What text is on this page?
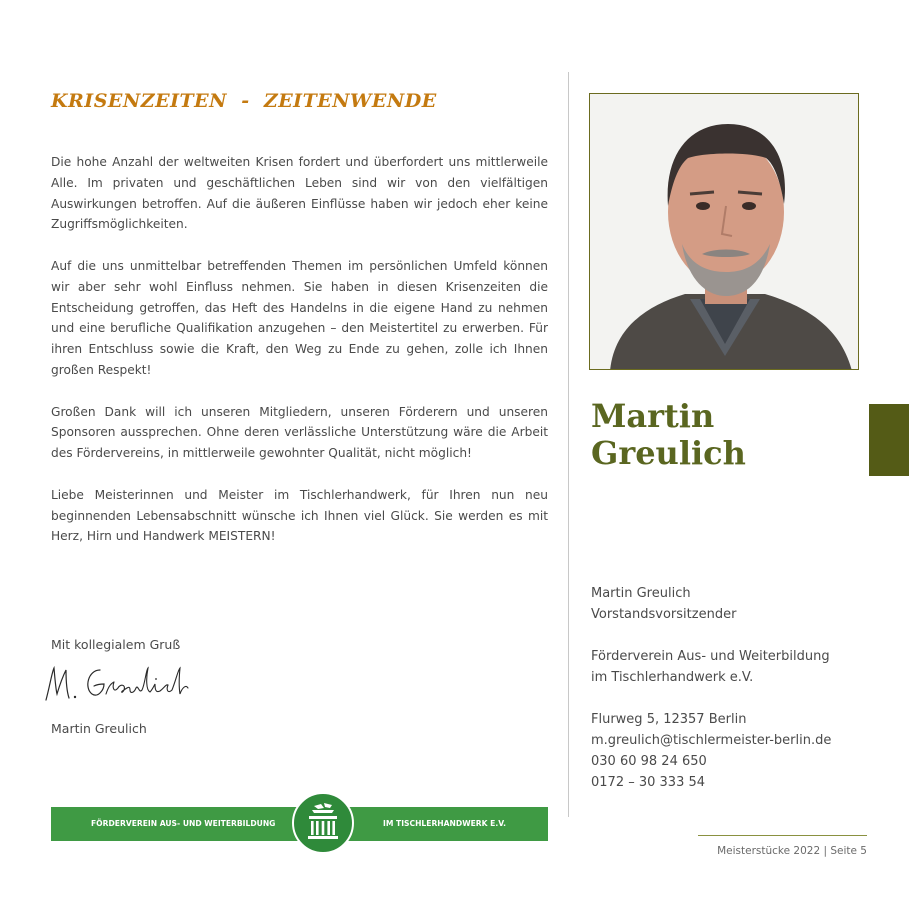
KRISENZEITEN  -  ZEITENWENDE

Die hohe Anzahl der weltweiten Krisen fordert und überfordert uns mittlerweile Alle. Im privaten und geschäftlichen Leben sind wir von den vielfältigen Auswirkungen betroffen. Auf die äußeren Einflüsse haben wir jedoch eher keine Zugriffsmöglichkeiten.

Auf die uns unmittelbar betreffenden Themen im persönlichen Umfeld können wir aber sehr wohl Einfluss nehmen. Sie haben in diesen Krisenzeiten die Entscheidung getroffen, das Heft des Handelns in die eigene Hand zu nehmen und eine berufliche Qualifikation anzugehen – den Meistertitel zu erwerben. Für ihren Entschluss sowie die Kraft, den Weg zu Ende zu gehen, zolle ich Ihnen großen Respekt!

Großen Dank will ich unseren Mitgliedern, unseren Förderern und unseren Sponsoren aussprechen. Ohne deren verlässliche Unterstützung wäre die Arbeit des Fördervereins, in mittlerweile gewohnter Qualität, nicht möglich!

Liebe Meisterinnen und Meister im Tischlerhandwerk, für Ihren nun neu beginnenden Lebensabschnitt wünsche ich Ihnen viel Glück. Sie werden es mit Herz, Hirn und Handwerk MEISTERN!

Mit kollegialem Gruß
Martin Greulich
FÖRDERVEREIN AUS- UND WEITERBILDUNG	IM TISCHLERHANDWERK E.V.
Martin
Greulich
Martin Greulich
Vorstandsvorsitzender
Förderverein Aus- und Weiterbildung
im Tischlerhandwerk e.V.
Flurweg 5, 12357 Berlin
m.greulich@tischlermeister-berlin.de
030 60 98 24 650
0172 – 30 333 54
Meisterstücke 2022 | Seite 5
